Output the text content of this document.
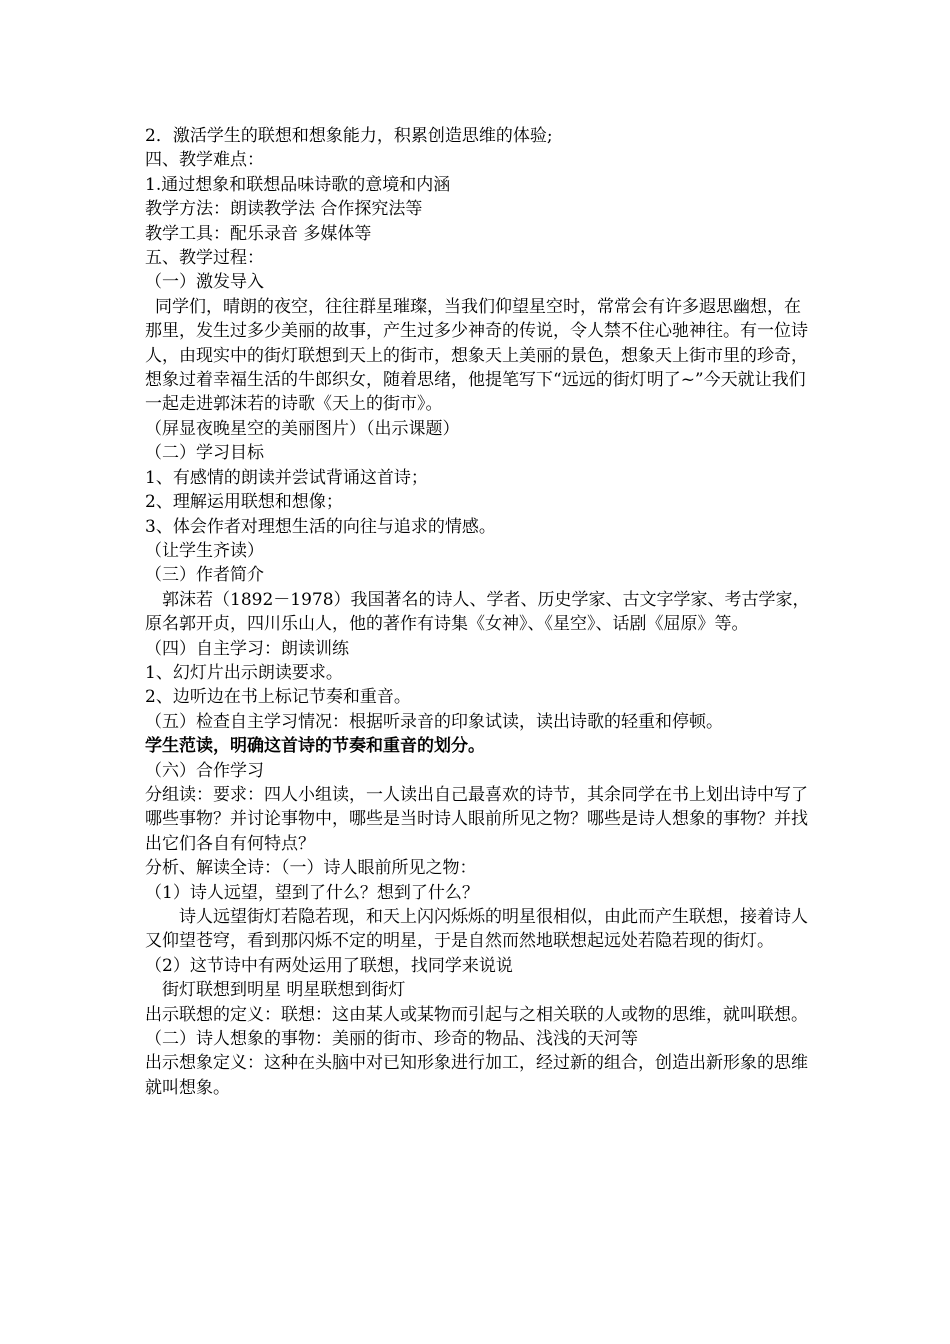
2．激活学生的联想和想象能力，积累创造思维的体验;

四、教学难点：

1.通过想象和联想品味诗歌的意境和内涵

教学方法：朗读教学法 合作探究法等

教学工具：配乐录音 多媒体等

五、教学过程：

（一）激发导入

同学们，晴朗的夜空，往往群星璀璨，当我们仰望星空时，常常会有许多遐思幽想，在那里，发生过多少美丽的故事，产生过多少神奇的传说，令人禁不住心驰神往。有一位诗人，由现实中的街灯联想到天上的街市，想象天上美丽的景色，想象天上街市里的珍奇，想象过着幸福生活的牛郎织女，随着思绪，他提笔写下“远远的街灯明了~”今天就让我们一起走进郭沫若的诗歌《天上的街市》。

（屏显夜晚星空的美丽图片）（出示课题）

（二）学习目标

1、有感情的朗读并尝试背诵这首诗；

2、理解运用联想和想像；

3、体会作者对理想生活的向往与追求的情感。

（让学生齐读）

（三）作者简介

郭沫若（1892－1978）我国著名的诗人、学者、历史学家、古文字学家、考古学家，原名郭开贞，四川乐山人，他的著作有诗集《女神》、《星空》、话剧《屈原》等。

（四）自主学习：朗读训练

1、幻灯片出示朗读要求。

2、边听边在书上标记节奏和重音。

（五）检查自主学习情况：根据听录音的印象试读，读出诗歌的轻重和停顿。

学生范读，明确这首诗的节奏和重音的划分。

（六）合作学习

分组读：要求：四人小组读，一人读出自己最喜欢的诗节，其余同学在书上划出诗中写了哪些事物？并讨论事物中，哪些是当时诗人眼前所见之物？哪些是诗人想象的事物？并找出它们各自有何特点？

分析、解读全诗：（一）诗人眼前所见之物：

（1）诗人远望，望到了什么？想到了什么？

诗人远望街灯若隐若现，和天上闪闪烁烁的明星很相似，由此而产生联想，接着诗人又仰望苍穹，看到那闪烁不定的明星，于是自然而然地联想起远处若隐若现的街灯。

（2）这节诗中有两处运用了联想，找同学来说说

街灯联想到明星 明星联想到街灯

出示联想的定义：联想：这由某人或某物而引起与之相关联的人或物的思维，就叫联想。

（二）诗人想象的事物：美丽的街市、珍奇的物品、浅浅的天河等

出示想象定义：这种在头脑中对已知形象进行加工，经过新的组合，创造出新形象的思维就叫想象。
